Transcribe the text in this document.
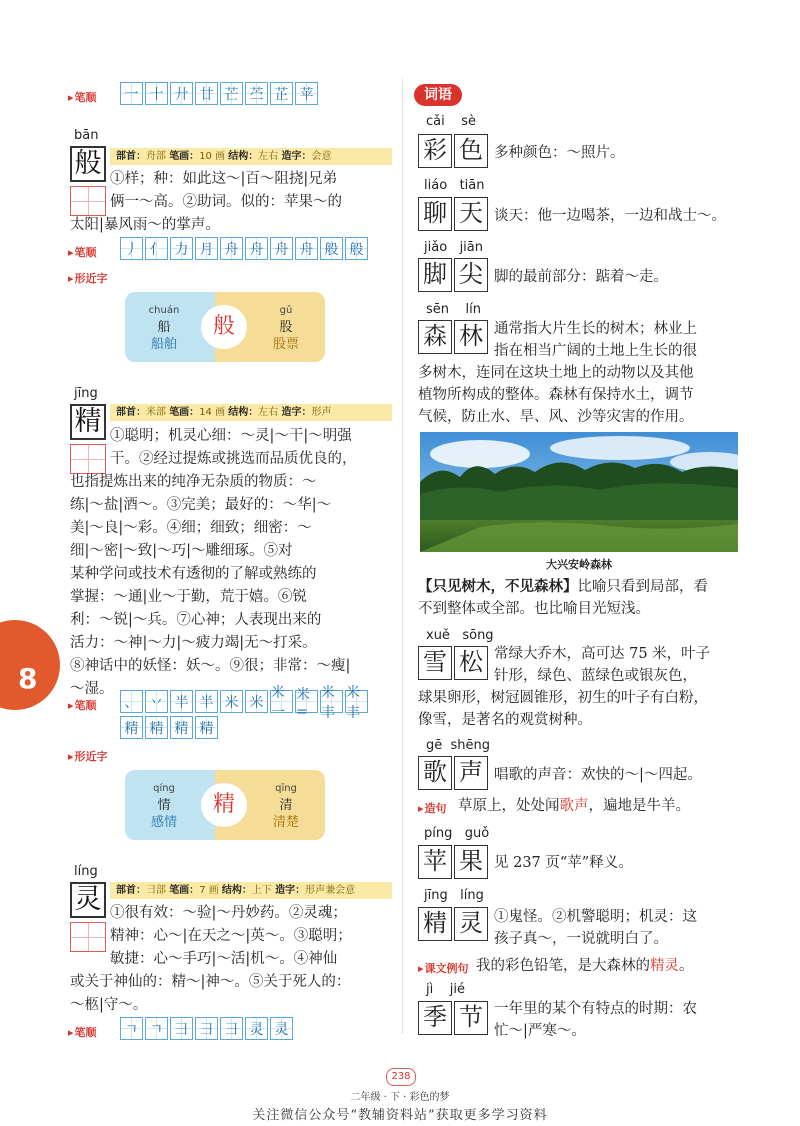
▸ 笔顺	一 十 廾 廿 芒 苎 芷 苹
bān
般	部首：舟部 笔画：10 画 结构：左右 造字：会意
①样；种：如此这～|百～阻挠|兄弟
俩一～高。②助词。似的：苹果～的
太阳|暴风雨～的掌声。
▸ 笔顺	丿 亻 力 月 舟 舟 舟 舟 般 般
▸ 形近字
chuán
船
船舶
gǔ
股
股票
般
jīng
精	部首：米部 笔画：14 画 结构：左右 造字：形声
①聪明；机灵心细：～灵|～干|～明强
干。②经过提炼或挑选而品质优良的，
也指提炼出来的纯净无杂质的物质：～
练|～盐|酒～。③完美；最好的：～华|～
美|～良|～彩。④细；细致；细密：～
细|～密|～致|～巧|～雕细琢。⑤对
某种学问或技术有透彻的了解或熟练的
掌握：～通|业～于勤，荒于嬉。⑥锐
利：～锐|～兵。⑦心神；人表现出来的
活力：～神|～力|～疲力竭|无～打采。
⑧神话中的妖怪：妖～。⑨很；非常：～瘦|
～湿。
▸ 笔顺	、 丷 半 半 米 米
米一
米=
米丰
米丰
精 精 精 精
▸ 形近字
qíng
情
感情
qīng
清
清楚
精
líng
灵	部首：彐部 笔画：7 画 结构：上下 造字：形声兼会意
①很有效：～验|～丹妙药。②灵魂；
精神：心～|在天之～|英～。③聪明；
敏捷：心～手巧|～活|机～。④神仙
或关于神仙的：精～|神～。⑤关于死人的：
～柩|守～。
▸ 笔顺	ㄱ ㄱ 彐 彐 彐 灵 灵
8
词语
cǎi sè
彩 色 多种颜色：～照片。
liáo tiān
聊 天 谈天：他一边喝茶，一边和战士～。
jiǎo jiān
脚 尖 脚的最前部分：踮着～走。
sēn lín
森 林 通常指大片生长的树木；林业上
指在相当广阔的土地上生长的很
多树木，连同在这块土地上的动物以及其他
植物所构成的整体。森林有保持水土，调节
气候，防止水、旱、风、沙等灾害的作用。
大兴安岭森林
【只见树木，不见森林】比喻只看到局部，看
不到整体或全部。也比喻目光短浅。
xuě sōng
雪 松 常绿大乔木，高可达 75 米，叶子
针形，绿色、蓝绿色或银灰色，
球果卵形，树冠圆锥形，初生的叶子有白粉，
像雪，是著名的观赏树种。
gē shēng
歌 声 唱歌的声音：欢快的～|～四起。
▸ 造句 草原上，处处闻歌声，遍地是牛羊。
píng guǒ
苹 果 见 237 页“苹”释义。
jīng líng
精 灵 ①鬼怪。②机警聪明；机灵：这
孩子真～，一说就明白了。
▸ 课文例句 我的彩色铅笔，是大森林的精灵。
jì jié
季 节 一年里的某个有特点的时期：农
忙～|严寒～。
238
二年级 · 下 · 彩色的梦
关注微信公众号“教辅资料站”获取更多学习资料
